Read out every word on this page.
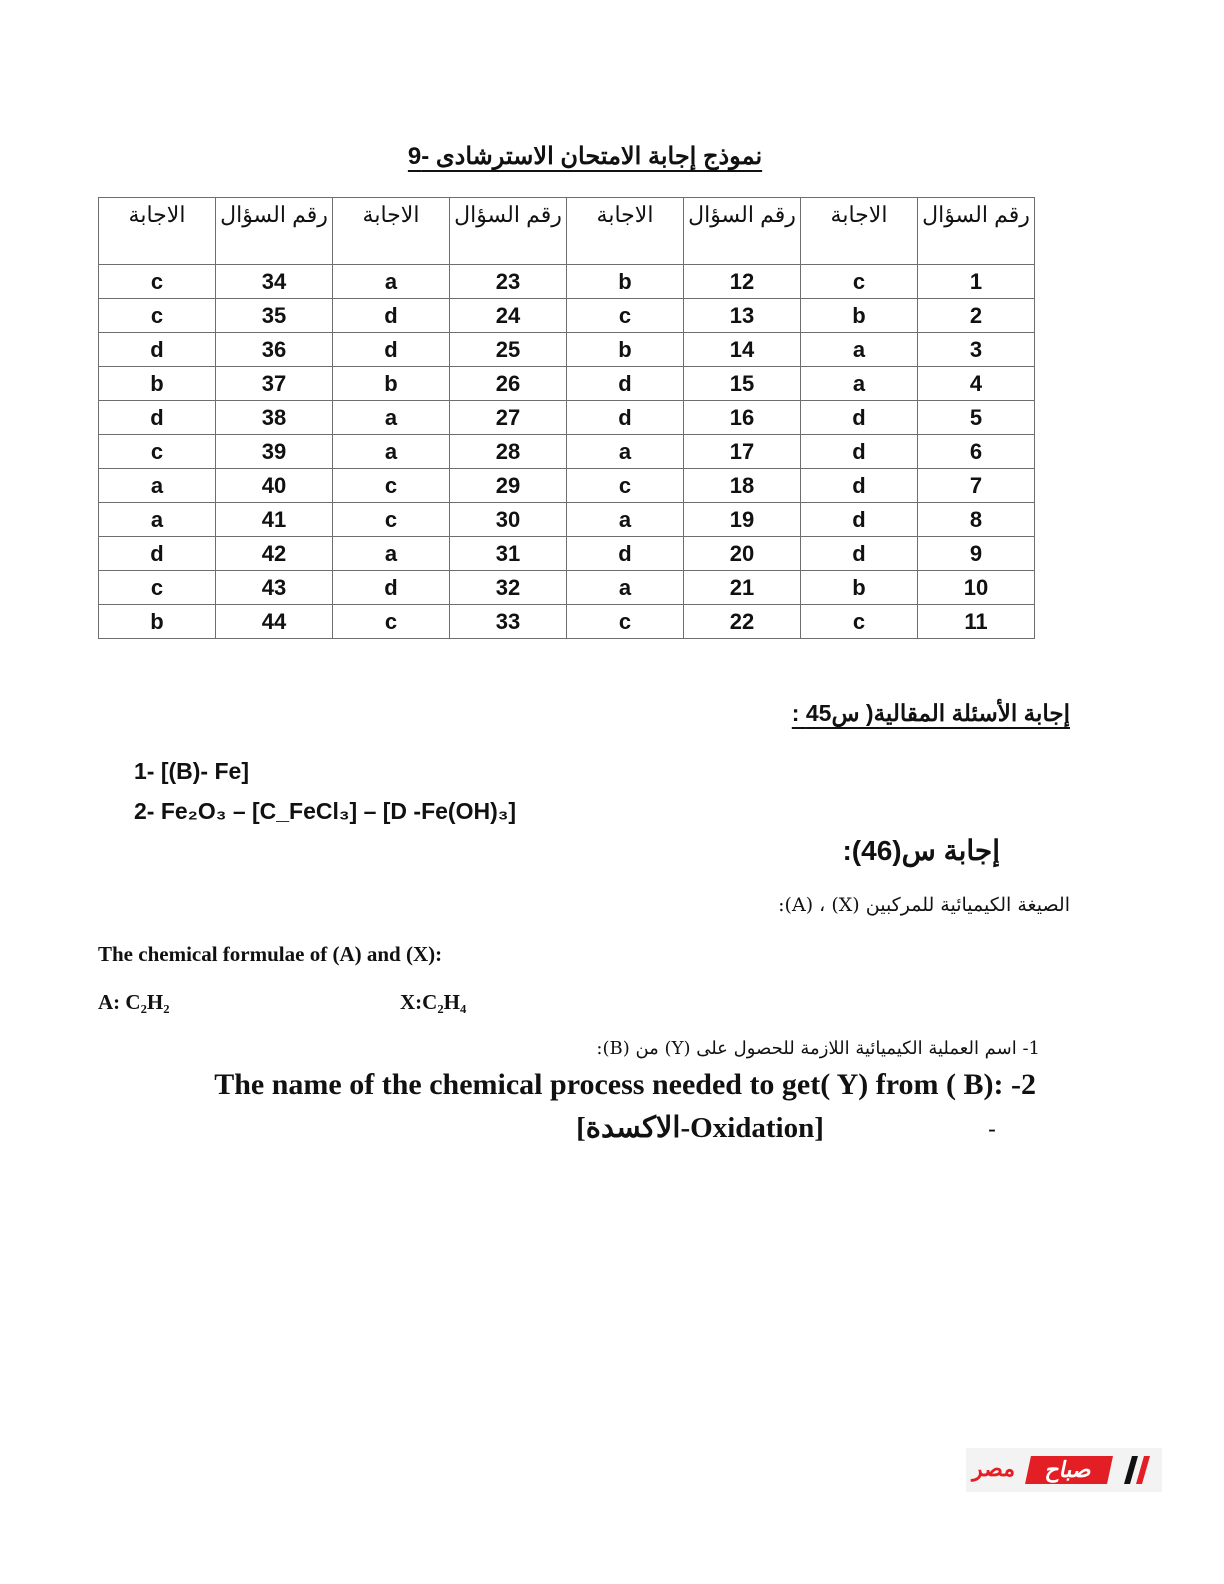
نموذج إجابة الامتحان الاسترشادى -9
الاجابة	رقم السؤال	الاجابة	رقم السؤال	الاجابة	رقم السؤال	الاجابة	رقم السؤال
c	34	a	23	b	12	c	1
c	35	d	24	c	13	b	2
d	36	d	25	b	14	a	3
b	37	b	26	d	15	a	4
d	38	a	27	d	16	d	5
c	39	a	28	a	17	d	6
a	40	c	29	c	18	d	7
a	41	c	30	a	19	d	8
d	42	a	31	d	20	d	9
c	43	d	32	a	21	b	10
b	44	c	33	c	22	c	11
إجابة الأسئلة المقالية( س45 :
1- [(B)- Fe]
2- Fe₂O₃ – [C_FeCl₃] – [D -Fe(OH)₃]
إجابة س(46):
الصيغة الكيميائية للمركبين (X) ، (A):
The chemical formulae of (A) and (X):
A: C₂H₂	X:C₂H₄
1- اسم العملية الكيميائية اللازمة للحصول على (Y) من (B):
The name of the chemical process needed to get( Y) from ( B): -2
[الاكسدة-Oxidation]	-
مصر	صباح
